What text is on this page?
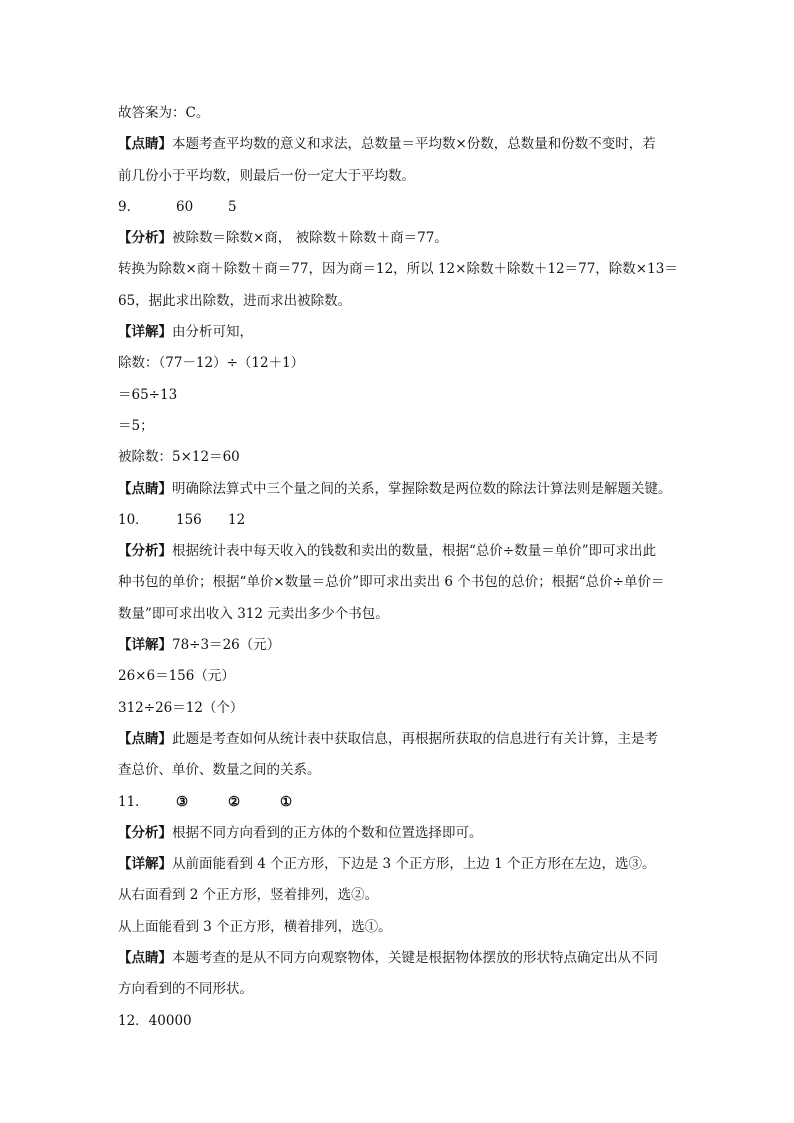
故答案为：C。
【点睛】本题考查平均数的意义和求法，总数量＝平均数×份数，总数量和份数不变时，若
前几份小于平均数，则最后一份一定大于平均数。
9．	60	5
【分析】被除数＝除数×商， 被除数＋除数＋商＝77。
转换为除数×商＋除数＋商＝77，因为商＝12，所以 12×除数＋除数＋12＝77，除数×13＝
65，据此求出除数，进而求出被除数。
【详解】由分析可知，
除数：（77－12）÷（12＋1）
＝65÷13
＝5；
被除数：5×12＝60
【点睛】明确除法算式中三个量之间的关系，掌握除数是两位数的除法计算法则是解题关键。
10． 156 12
【分析】根据统计表中每天收入的钱数和卖出的数量，根据“总价÷数量＝单价”即可求出此
种书包的单价；根据“单价×数量＝总价”即可求出卖出 6 个书包的总价；根据“总价÷单价＝
数量”即可求出收入 312 元卖出多少个书包。
【详解】78÷3＝26（元）
26×6＝156（元）
312÷26＝12（个）
【点睛】此题是考查如何从统计表中获取信息，再根据所获取的信息进行有关计算，主是考
查总价、单价、数量之间的关系。
11． ③	②	①
【分析】根据不同方向看到的正方体的个数和位置选择即可。
【详解】从前面能看到 4 个正方形，下边是 3 个正方形，上边 1 个正方形在左边，选③。
从右面看到 2 个正方形，竖着排列，选②。
从上面能看到 3 个正方形，横着排列，选①。
【点睛】本题考查的是从不同方向观察物体，关键是根据物体摆放的形状特点确定出从不同
方向看到的不同形状。
12．40000
